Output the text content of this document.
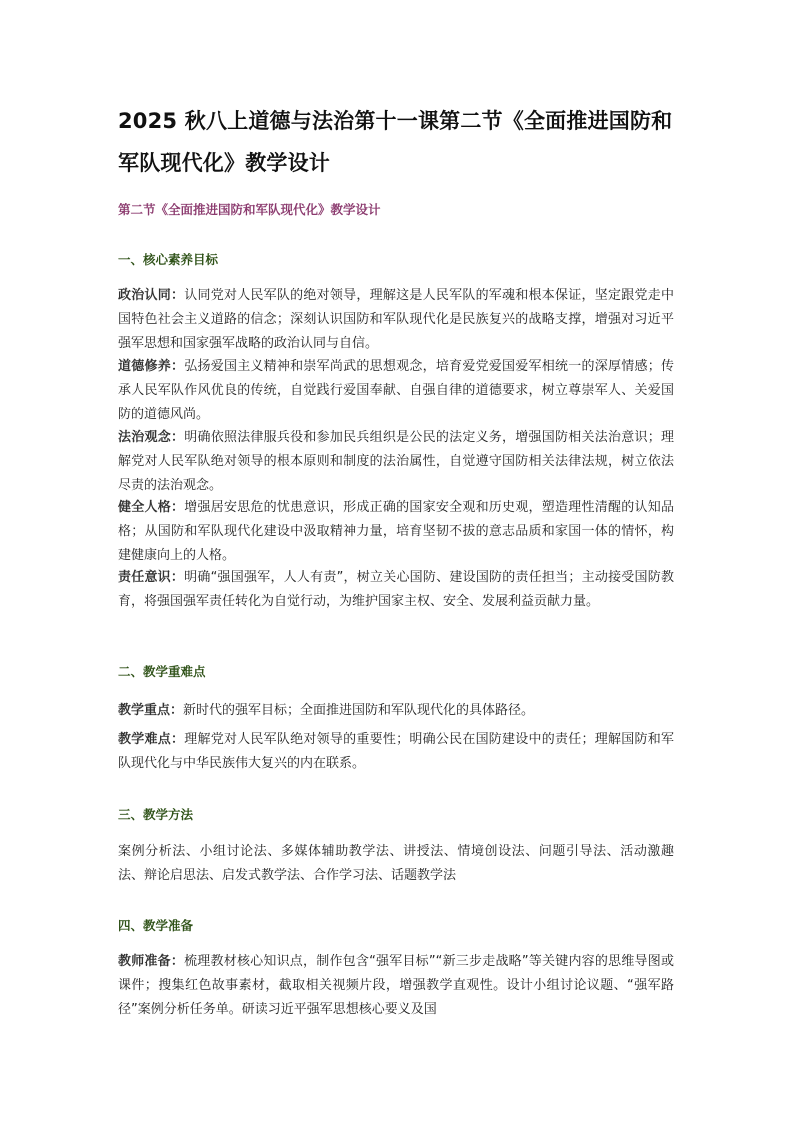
2025 秋八上道德与法治第十一课第二节《全面推进国防和军队现代化》教学设计

第二节《全面推进国防和军队现代化》教学设计

一、核心素养目标

政治认同：认同党对人民军队的绝对领导，理解这是人民军队的军魂和根本保证，坚定跟党走中国特色社会主义道路的信念；深刻认识国防和军队现代化是民族复兴的战略支撑，增强对习近平强军思想和国家强军战略的政治认同与自信。

道德修养：弘扬爱国主义精神和崇军尚武的思想观念，培育爱党爱国爱军相统一的深厚情感；传承人民军队作风优良的传统，自觉践行爱国奉献、自强自律的道德要求，树立尊崇军人、关爱国防的道德风尚。

法治观念：明确依照法律服兵役和参加民兵组织是公民的法定义务，增强国防相关法治意识；理解党对人民军队绝对领导的根本原则和制度的法治属性，自觉遵守国防相关法律法规，树立依法尽责的法治观念。

健全人格：增强居安思危的忧患意识，形成正确的国家安全观和历史观，塑造理性清醒的认知品格；从国防和军队现代化建设中汲取精神力量，培育坚韧不拔的意志品质和家国一体的情怀，构建健康向上的人格。

责任意识：明确“强国强军，人人有责”，树立关心国防、建设国防的责任担当；主动接受国防教育，将强国强军责任转化为自觉行动，为维护国家主权、安全、发展利益贡献力量。

二、教学重难点

教学重点：新时代的强军目标；全面推进国防和军队现代化的具体路径。

教学难点：理解党对人民军队绝对领导的重要性；明确公民在国防建设中的责任；理解国防和军队现代化与中华民族伟大复兴的内在联系。

三、教学方法

案例分析法、小组讨论法、多媒体辅助教学法、讲授法、情境创设法、问题引导法、活动激趣法、辩论启思法、启发式教学法、合作学习法、话题教学法

四、教学准备

教师准备：梳理教材核心知识点，制作包含“强军目标”“新三步走战略”等关键内容的思维导图或课件；搜集红色故事素材，截取相关视频片段，增强教学直观性。设计小组讨论议题、“强军路径”案例分析任务单。研读习近平强军思想核心要义及国
